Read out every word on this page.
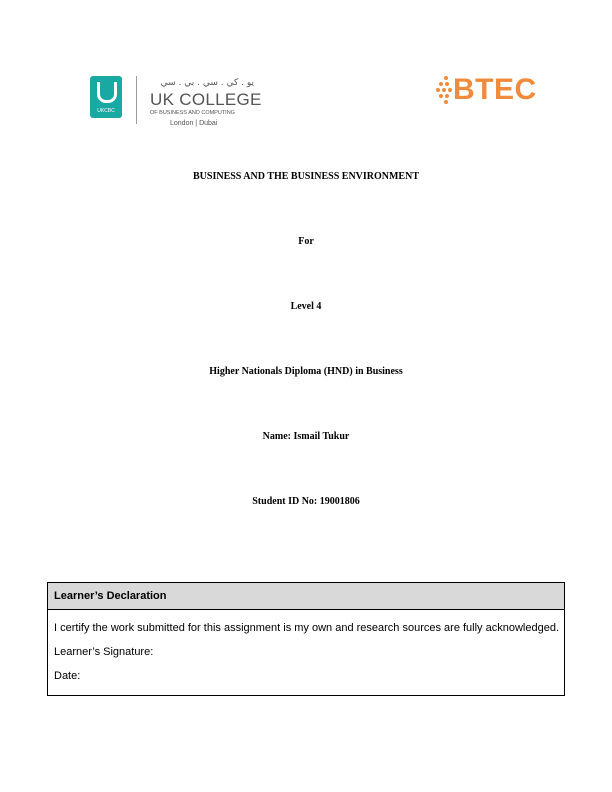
UKCBC
يو . كي . سي . بي . سي
UK COLLEGE
OF BUSINESS AND COMPUTING
London | Dubai
BTEC
BUSINESS AND THE BUSINESS ENVIRONMENT
For
Level 4
Higher Nationals Diploma (HND) in Business
Name: Ismail Tukur
Student ID No: 19001806
Learner’s Declaration
I certify the work submitted for this assignment is my own and research sources are fully acknowledged.
Learner’s Signature:
Date:
